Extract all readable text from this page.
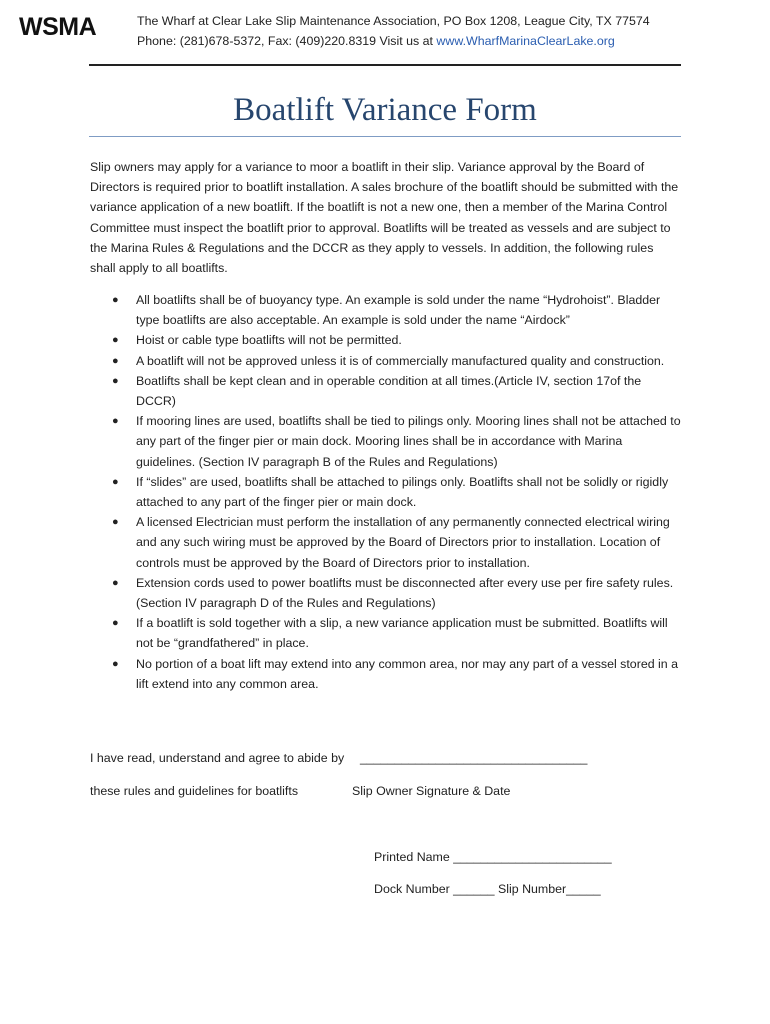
WSMA	The Wharf at Clear Lake Slip Maintenance Association, PO Box 1208, League City, TX 77574
Phone: (281)678-5372, Fax: (409)220.8319 Visit us at www.WharfMarinaClearLake.org
Boatlift Variance Form

Slip owners may apply for a variance to moor a boatlift in their slip. Variance approval by the Board of Directors is required prior to boatlift installation. A sales brochure of the boatlift should be submitted with the variance application of a new boatlift. If the boatlift is not a new one, then a member of the Marina Control Committee must inspect the boatlift prior to approval. Boatlifts will be treated as vessels and are subject to the Marina Rules & Regulations and the DCCR as they apply to vessels. In addition, the following rules shall apply to all boatlifts.

● All boatlifts shall be of buoyancy type. An example is sold under the name “Hydrohoist”. Bladder type boatlifts are also acceptable. An example is sold under the name “Airdock”
● Hoist or cable type boatlifts will not be permitted.
● A boatlift will not be approved unless it is of commercially manufactured quality and construction.
● Boatlifts shall be kept clean and in operable condition at all times.(Article IV, section 17of the DCCR)
● If mooring lines are used, boatlifts shall be tied to pilings only. Mooring lines shall not be attached to any part of the finger pier or main dock. Mooring lines shall be in accordance with Marina guidelines. (Section IV paragraph B of the Rules and Regulations)
● If “slides” are used, boatlifts shall be attached to pilings only. Boatlifts shall not be solidly or rigidly attached to any part of the finger pier or main dock.
● A licensed Electrician must perform the installation of any permanently connected electrical wiring and any such wiring must be approved by the Board of Directors prior to installation. Location of controls must be approved by the Board of Directors prior to installation.
● Extension cords used to power boatlifts must be disconnected after every use per fire safety rules. (Section IV paragraph D of the Rules and Regulations)
● If a boatlift is sold together with a slip, a new variance application must be submitted. Boatlifts will not be “grandfathered” in place.
● No portion of a boat lift may extend into any common area, nor may any part of a vessel stored in a lift extend into any common area.
I have read, understand and agree to abide by _________________________________
these rules and guidelines for boatlifts	Slip Owner Signature & Date
Printed Name _______________________
Dock Number ______ Slip Number_____
